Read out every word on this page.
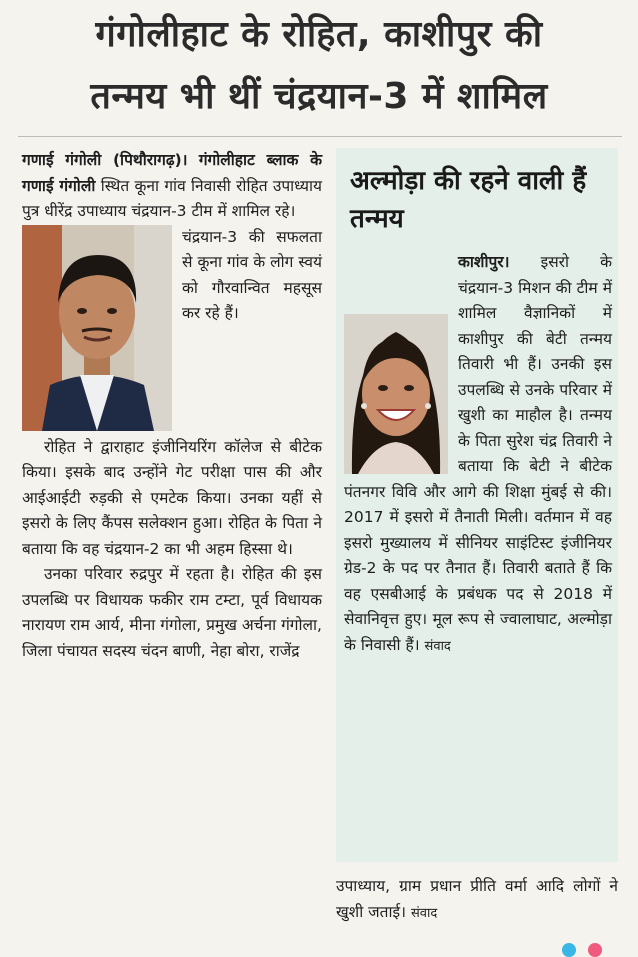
गंगोलीहाट के रोहित, काशीपुर की
तन्मय भी थीं चंद्रयान-3 में शामिल

गणाई गंगोली (पिथौरागढ़)। गंगोलीहाट ब्लाक के गणाई गंगोली स्थित कूना गांव निवासी रोहित उपाध्याय पुत्र धीरेंद्र उपाध्याय चंद्रयान-3 टीम में शामिल रहे।

चंद्रयान-3 की सफलता से कूना गांव के लोग स्वयं को गौरवान्वित महसूस कर रहे हैं।

रोहित ने द्वाराहाट इंजीनियरिंग कॉलेज से बीटेक किया। इसके बाद उन्होंने गेट परीक्षा पास की और आईआईटी रुड़की से एमटेक किया। उनका यहीं से इसरो के लिए कैंपस सलेक्शन हुआ। रोहित के पिता ने बताया कि वह चंद्रयान-2 का भी अहम हिस्सा थे।

उनका परिवार रुद्रपुर में रहता है। रोहित की इस उपलब्धि पर विधायक फकीर राम टम्टा, पूर्व विधायक नारायण राम आर्य, मीना गंगोला, प्रमुख अर्चना गंगोला, जिला पंचायत सदस्य चंदन बाणी, नेहा बोरा, राजेंद्र

अल्मोड़ा की रहने वाली हैं तन्मय
काशीपुर। इसरो के चंद्रयान-3 मिशन की टीम में शामिल वैज्ञानिकों में काशीपुर की बेटी तन्मय तिवारी भी हैं। उनकी इस उपलब्धि से उनके परिवार में खुशी का माहौल है। तन्मय के पिता सुरेश चंद्र तिवारी ने बताया कि बेटी ने बीटेक पंतनगर विवि और आगे की शिक्षा मुंबई से की। 2017 में इसरो में तैनाती मिली। वर्तमान में वह इसरो मुख्यालय में सीनियर साइंटिस्ट इंजीनियर ग्रेड-2 के पद पर तैनात हैं। तिवारी बताते हैं कि वह एसबीआई के प्रबंधक पद से 2018 में सेवानिवृत्त हुए। मूल रूप से ज्वालाघाट, अल्मोड़ा के निवासी हैं। संवाद
उपाध्याय, ग्राम प्रधान प्रीति वर्मा आदि लोगों ने खुशी जताई। संवाद
